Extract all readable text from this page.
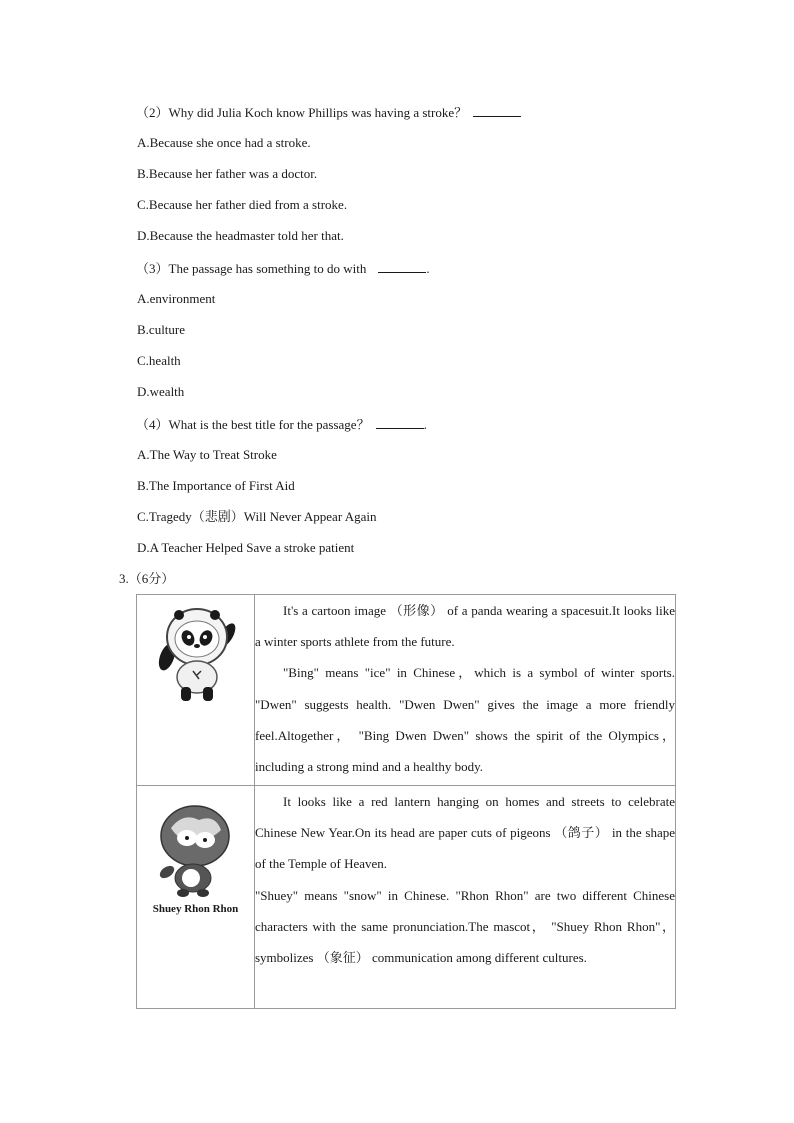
（2）Why did Julia Koch know Phillips was having a stroke？
A.Because she once had a stroke.
B.Because her father was a doctor.
C.Because her father died from a stroke.
D.Because the headmaster told her that.
（3）The passage has something to do with	.
A.environment
B.culture
C.health
D.wealth
（4）What is the best title for the passage？	.
A.The Way to Treat Stroke
B.The Importance of First Aid
C.Tragedy（悲剧）Will Never Appear Again
D.A Teacher Helped Save a stroke patient
3.（6分）

It's a cartoon image （形像） of a panda wearing a spacesuit.It looks like a winter sports athlete from the future.

"Bing" means "ice" in Chinese，which is a symbol of winter sports. "Dwen" suggests health. "Dwen Dwen" gives the image a more friendly feel.Altogether， "Bing Dwen Dwen" shows the spirit of the Olympics，including a strong mind and a healthy body.

Shuey Rhon Rhon	It looks like a red lantern hanging on homes and streets to celebrate Chinese New Year.On its head are paper cuts of pigeons （鸽子） in the shape of the Temple of Heaven.

"Shuey" means "snow" in Chinese. "Rhon Rhon" are two different Chinese characters with the same pronunciation.The mascot， "Shuey Rhon Rhon"，symbolizes （象征） communication among different cultures.
